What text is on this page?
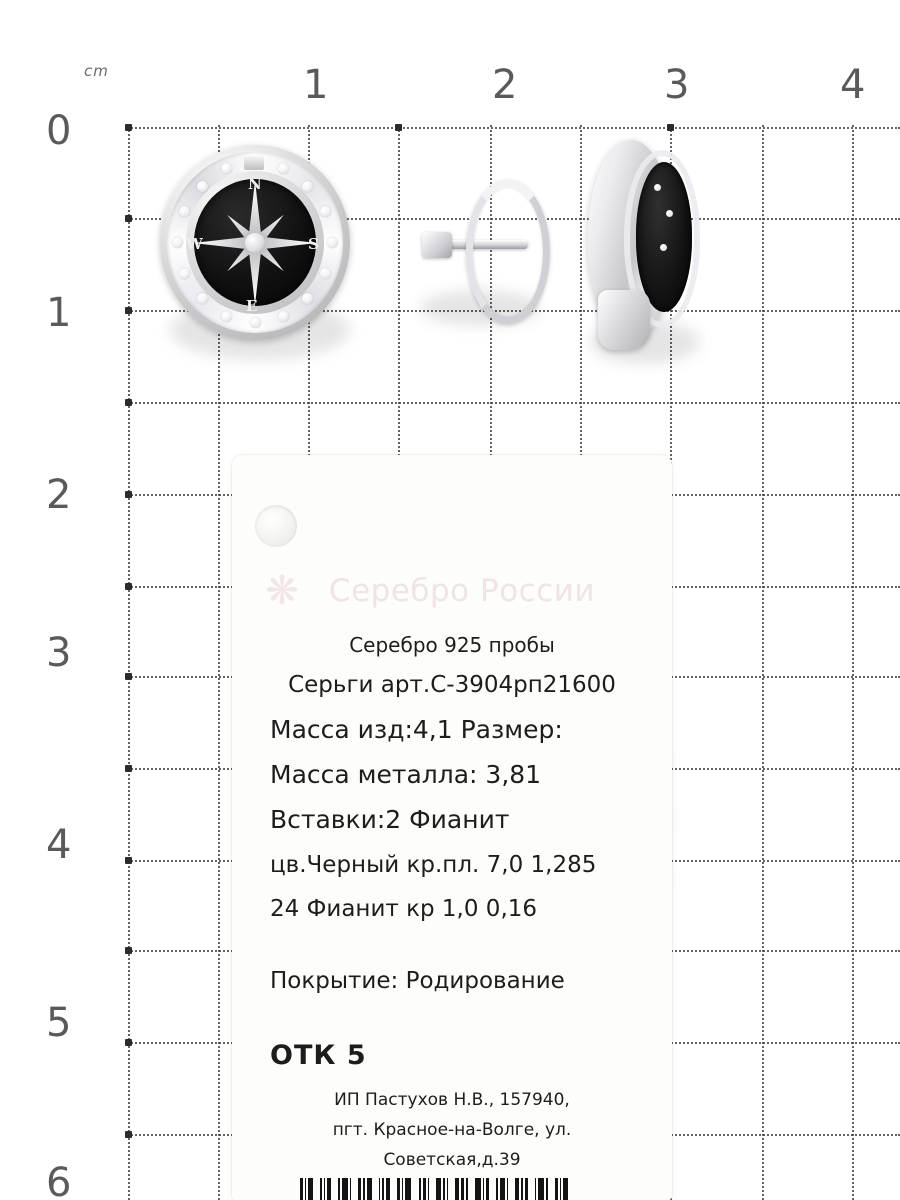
cm	1	2	3	4
0
1
2
3
4
5
6
❋ Серебро России
Серебро 925 пробы
Серьги арт.С-3904рп21600
Масса изд:4,1 Размер:
Масса металла: 3,81
Вставки:2 Фианит
цв.Черный кр.пл. 7,0 1,285
24 Фианит кр 1,0 0,16
Покрытие: Родирование
ОТК 5
ИП Пастухов Н.В., 157940,
пгт. Красное-на-Волге, ул.
Советская,д.39

N
S
W
E
